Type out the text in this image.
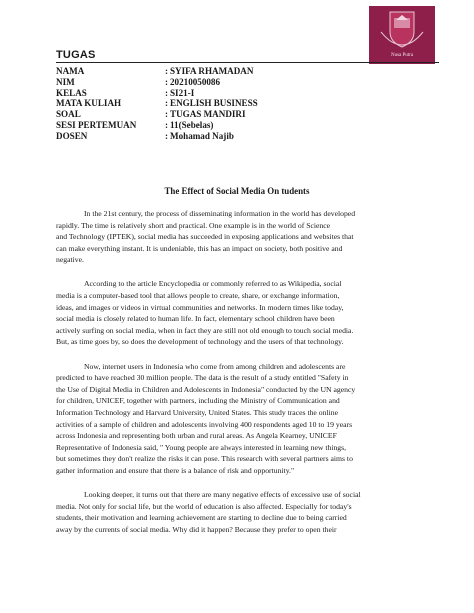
Nusa Putra
TUGAS
NAMA	: SYIFA RHAMADAN
NIM	: 20210050086
KELAS	: SI21-I
MATA KULIAH	: ENGLISH BUSINESS
SOAL	: TUGAS MANDIRI
SESI PERTEMUAN	: 11(Sebelas)
DOSEN	: Mohamad Najib
The Effect of Social Media On tudents

In the 21st century, the process of disseminating information in the world has developed
rapidly. The time is relatively short and practical. One example is in the world of Science
and Technology (IPTEK), social media has succeeded in exposing applications and websites that
can make everything instant. It is undeniable, this has an impact on society, both positive and
negative.

According to the article Encyclopedia or commonly referred to as Wikipedia, social
media is a computer-based tool that allows people to create, share, or exchange information,
ideas, and images or videos in virtual communities and networks. In modern times like today,
social media is closely related to human life. In fact, elementary school children have been
actively surfing on social media, when in fact they are still not old enough to touch social media.
But, as time goes by, so does the development of technology and the users of that technology.

Now, internet users in Indonesia who come from among children and adolescents are
predicted to have reached 30 million people. The data is the result of a study entitled "Safety in
the Use of Digital Media in Children and Adolescents in Indonesia" conducted by the UN agency
for children, UNICEF, together with partners, including the Ministry of Communication and
Information Technology and Harvard University, United States. This study traces the online
activities of a sample of children and adolescents involving 400 respondents aged 10 to 19 years
across Indonesia and representing both urban and rural areas. As Angela Kearney, UNICEF
Representative of Indonesia said, " Young people are always interested in learning new things,
but sometimes they don't realize the risks it can pose. This research with several partners aims to
gather information and ensure that there is a balance of risk and opportunity."

Looking deeper, it turns out that there are many negative effects of excessive use of social
media. Not only for social life, but the world of education is also affected. Especially for today's
students, their motivation and learning achievement are starting to decline due to being carried
away by the currents of social media. Why did it happen? Because they prefer to open their
